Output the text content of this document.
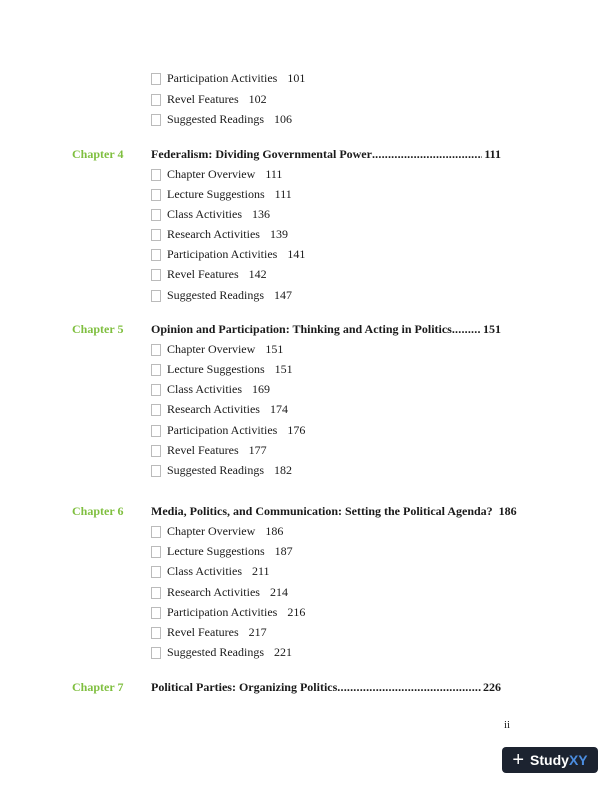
Participation Activities 101
Revel Features 102
Suggested Readings 106
Chapter 4 Federalism: Dividing Governmental Power .....	111
Chapter Overview 111
Lecture Suggestions 111
Class Activities 136
Research Activities 139
Participation Activities 141
Revel Features 142
Suggested Readings 147
Chapter 5 Opinion and Participation: Thinking and Acting in Politics .....	151
Chapter Overview 151
Lecture Suggestions 151
Class Activities 169
Research Activities 174
Participation Activities 176
Revel Features 177
Suggested Readings 182
Chapter 6 Media, Politics, and Communication: Setting the Political Agenda? 186
Chapter Overview 186
Lecture Suggestions 187
Class Activities 211
Research Activities 214
Participation Activities 216
Revel Features 217
Suggested Readings 221
Chapter 7 Political Parties: Organizing Politics .....	226
ii
+ Study XY
